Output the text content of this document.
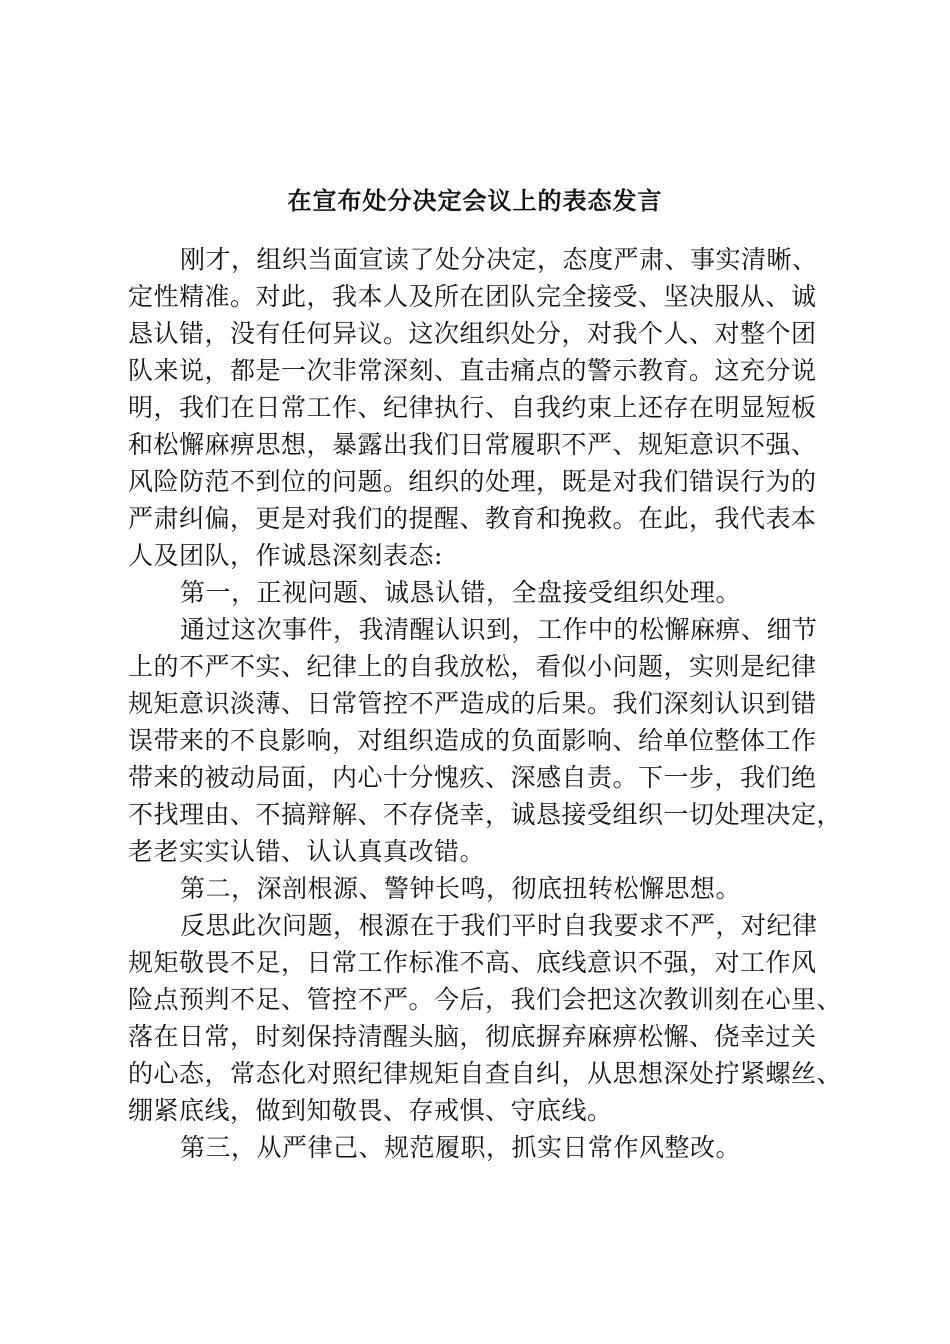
在宣布处分决定会议上的表态发言
刚才，组织当面宣读了处分决定，态度严肃、事实清晰、
定性精准。对此，我本人及所在团队完全接受、坚决服从、诚
恳认错，没有任何异议。这次组织处分，对我个人、对整个团
队来说，都是一次非常深刻、直击痛点的警示教育。这充分说
明，我们在日常工作、纪律执行、自我约束上还存在明显短板
和松懈麻痹思想，暴露出我们日常履职不严、规矩意识不强、
风险防范不到位的问题。组织的处理，既是对我们错误行为的
严肃纠偏，更是对我们的提醒、教育和挽救。在此，我代表本
人及团队，作诚恳深刻表态:
第一，正视问题、诚恳认错，全盘接受组织处理。
通过这次事件，我清醒认识到，工作中的松懈麻痹、细节
上的不严不实、纪律上的自我放松，看似小问题，实则是纪律
规矩意识淡薄、日常管控不严造成的后果。我们深刻认识到错
误带来的不良影响，对组织造成的负面影响、给单位整体工作
带来的被动局面，内心十分愧疚、深感自责。下一步，我们绝
不找理由、不搞辩解、不存侥幸，诚恳接受组织一切处理决定，
老老实实认错、认认真真改错。
第二，深剖根源、警钟长鸣，彻底扭转松懈思想。
反思此次问题，根源在于我们平时自我要求不严，对纪律
规矩敬畏不足，日常工作标准不高、底线意识不强，对工作风
险点预判不足、管控不严。今后，我们会把这次教训刻在心里、
落在日常，时刻保持清醒头脑，彻底摒弃麻痹松懈、侥幸过关
的心态，常态化对照纪律规矩自查自纠，从思想深处拧紧螺丝、
绷紧底线，做到知敬畏、存戒惧、守底线。
第三，从严律己、规范履职，抓实日常作风整改。
